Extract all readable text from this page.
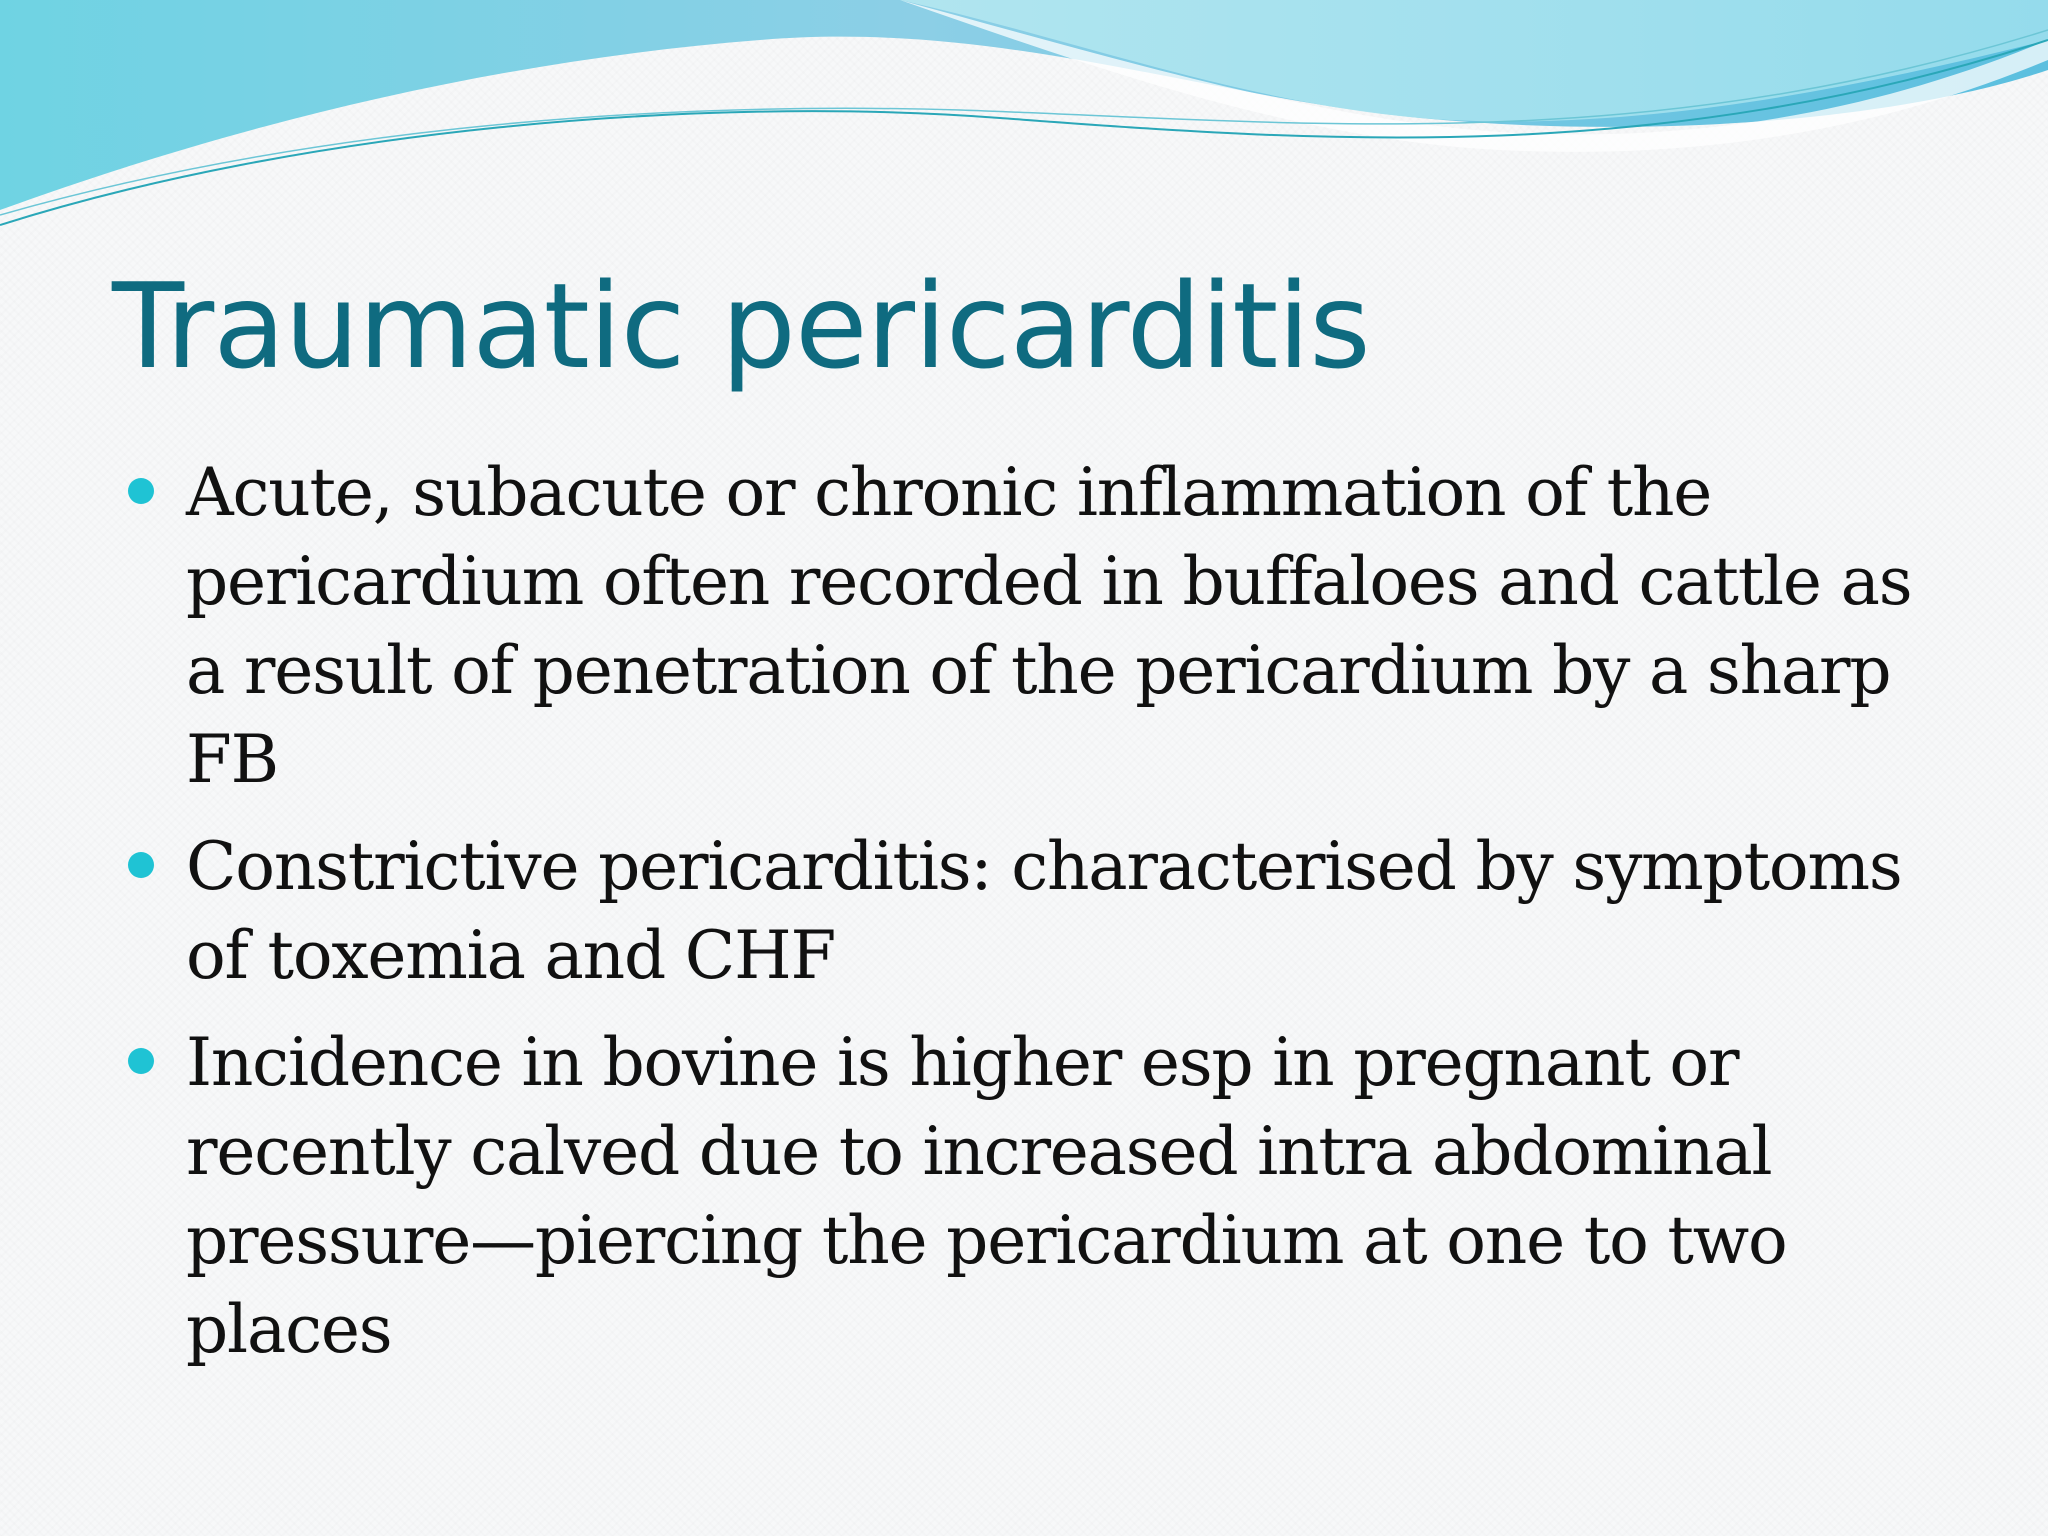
Traumatic pericarditis
Acute, subacute or chronic inflammation of the pericardium often recorded in buffaloes and cattle as a result of penetration of the pericardium by a sharp FB
Constrictive pericarditis: characterised by symptoms of toxemia and CHF
Incidence in bovine is higher esp in pregnant or recently calved due to increased intra abdominal pressure—piercing the pericardium at one to two places
